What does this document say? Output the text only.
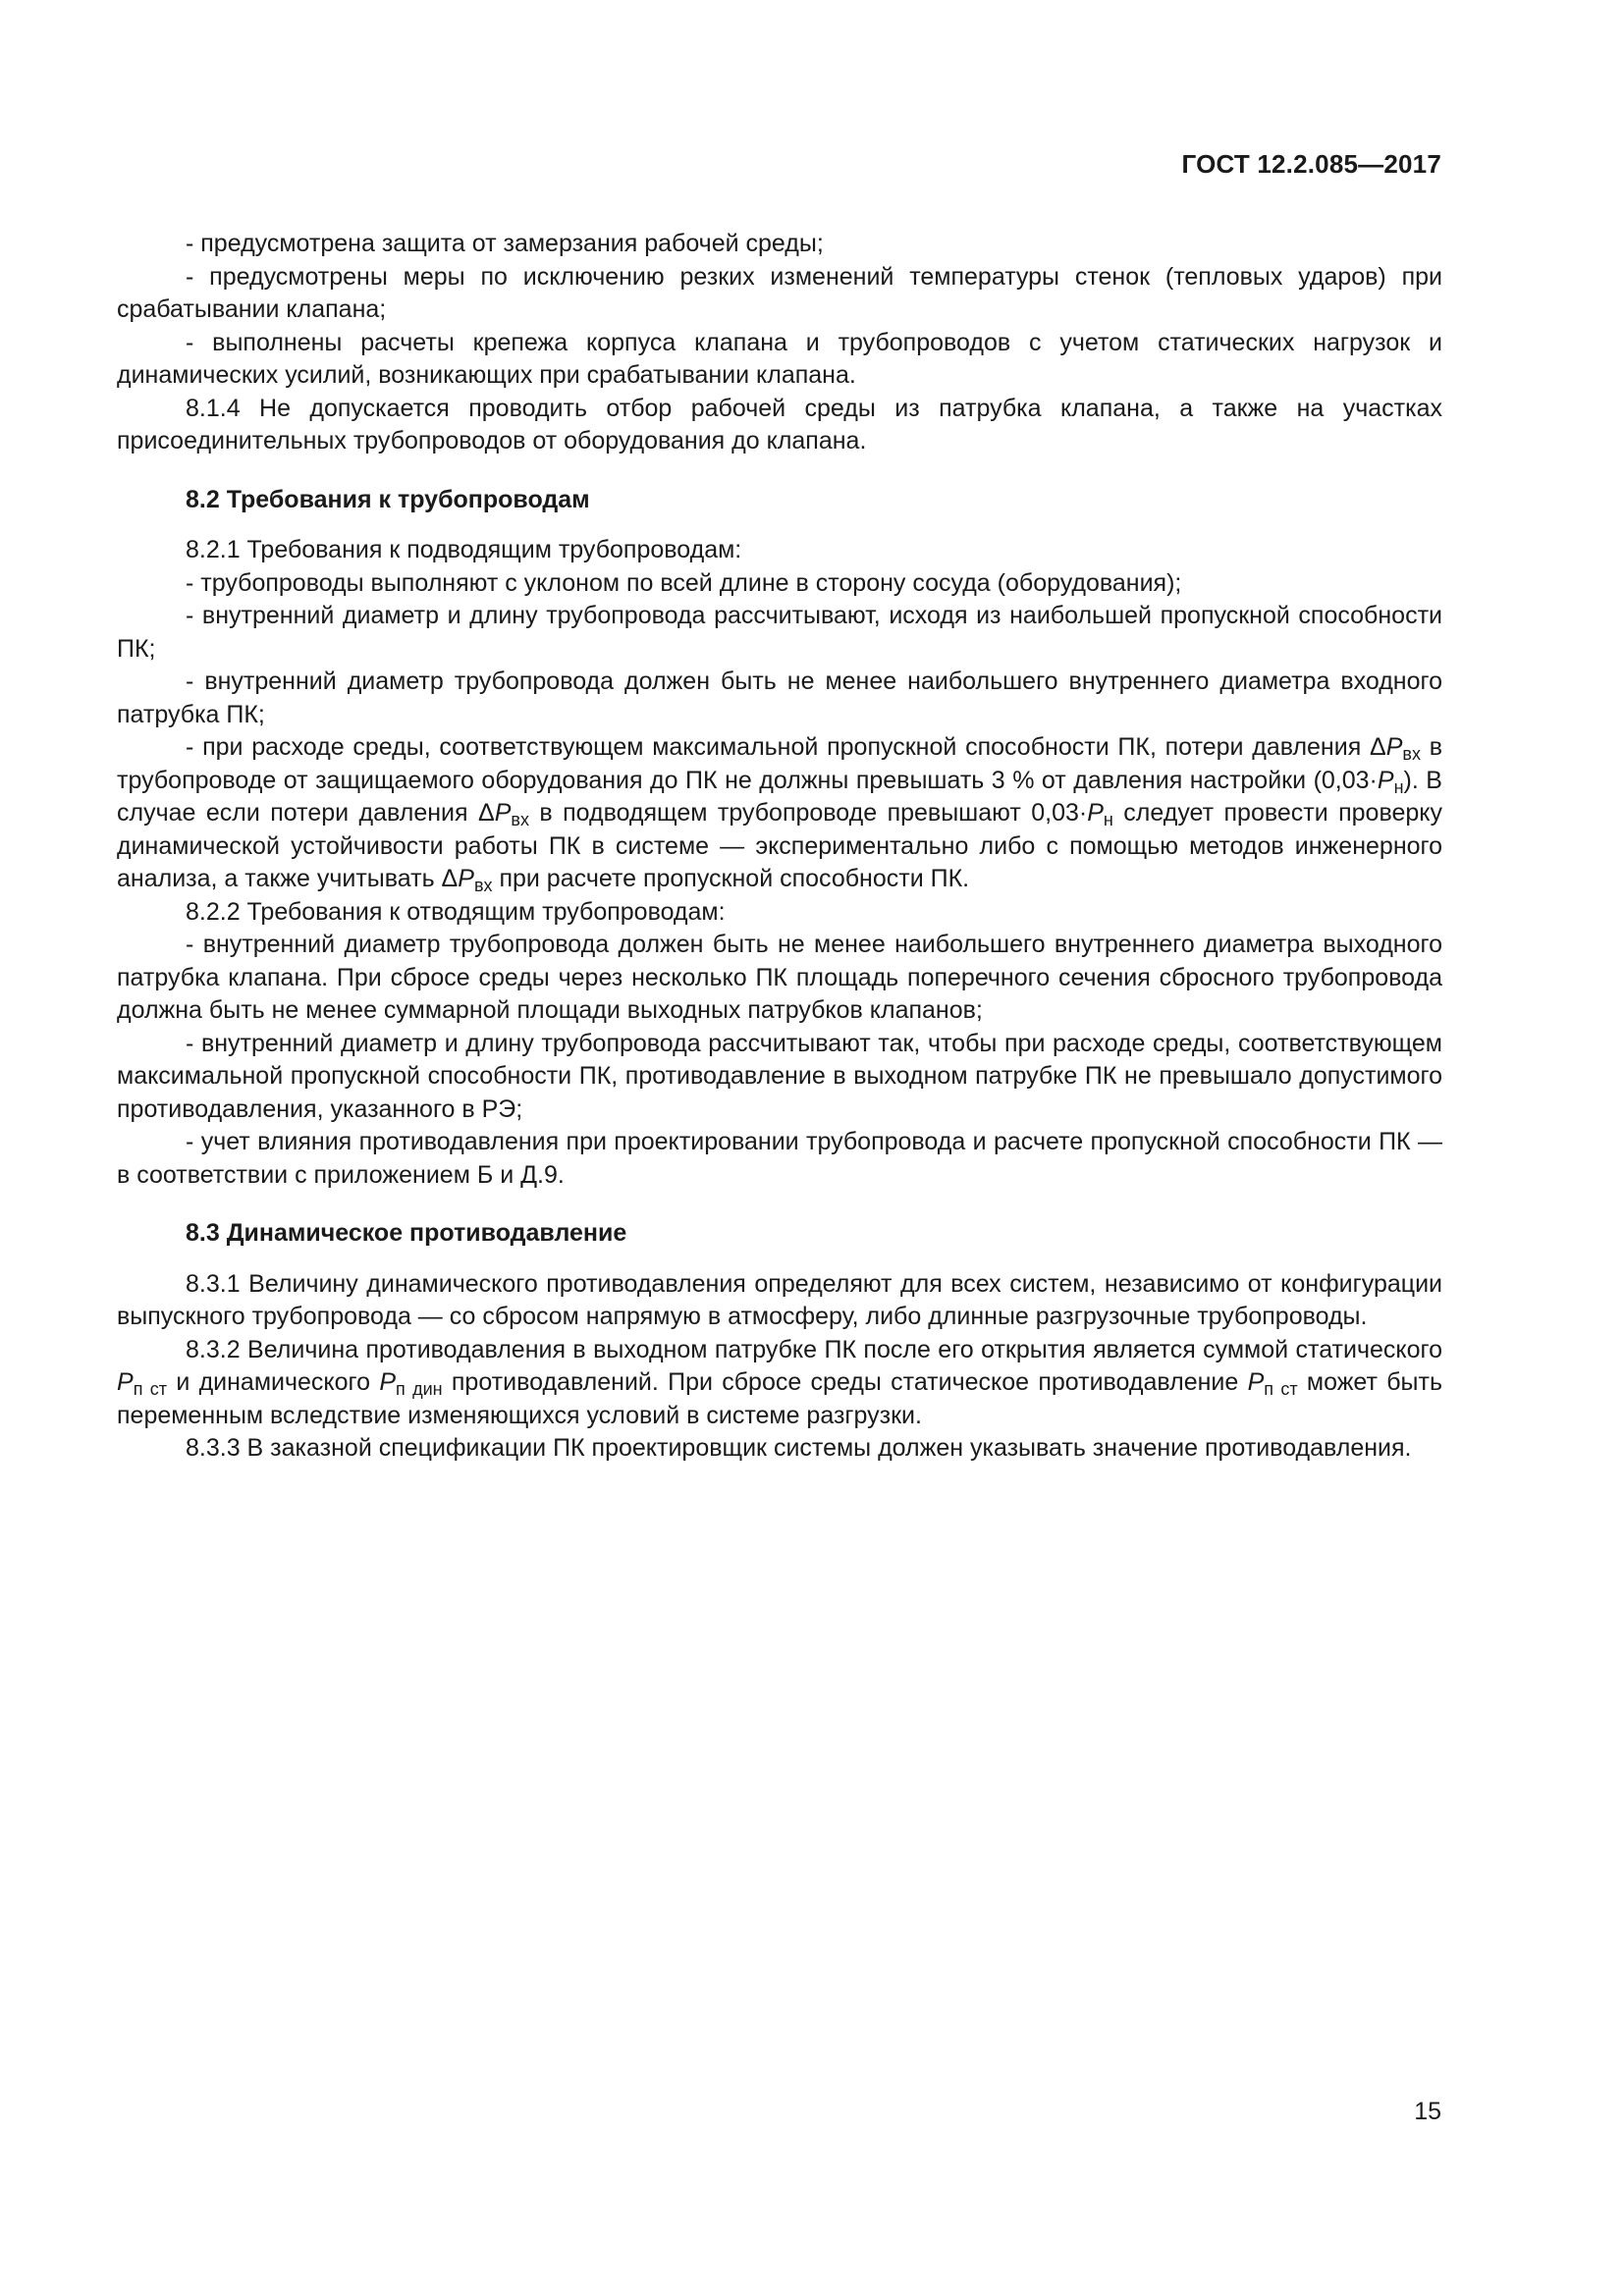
ГОСТ 12.2.085—2017

- предусмотрена защита от замерзания рабочей среды;

- предусмотрены меры по исключению резких изменений температуры стенок (тепловых ударов) при срабатывании клапана;

- выполнены расчеты крепежа корпуса клапана и трубопроводов с учетом статических нагрузок и динамических усилий, возникающих при срабатывании клапана.

8.1.4 Не допускается проводить отбор рабочей среды из патрубка клапана, а также на участках присоединительных трубопроводов от оборудования до клапана.

8.2 Требования к трубопроводам

8.2.1 Требования к подводящим трубопроводам:

- трубопроводы выполняют с уклоном по всей длине в сторону сосуда (оборудования);

- внутренний диаметр и длину трубопровода рассчитывают, исходя из наибольшей пропускной способности ПК;

- внутренний диаметр трубопровода должен быть не менее наибольшего внутреннего диаметра входного патрубка ПК;

- при расходе среды, соответствующем максимальной пропускной способности ПК, потери давления $\Delta P_{вх}$ в трубопроводе от защищаемого оборудования до ПК не должны превышать 3 % от давления настройки $(0,03\cdot P_н)$. В случае если потери давления $\Delta P_{вх}$ в подводящем трубопроводе превышают $0,03\cdot P_н$ следует провести проверку динамической устойчивости работы ПК в системе — экспериментально либо с помощью методов инженерного анализа, а также учитывать $\Delta P_{вх}$ при расчете пропускной способности ПК.

8.2.2 Требования к отводящим трубопроводам:

- внутренний диаметр трубопровода должен быть не менее наибольшего внутреннего диаметра выходного патрубка клапана. При сбросе среды через несколько ПК площадь поперечного сечения сбросного трубопровода должна быть не менее суммарной площади выходных патрубков клапанов;

- внутренний диаметр и длину трубопровода рассчитывают так, чтобы при расходе среды, соответствующем максимальной пропускной способности ПК, противодавление в выходном патрубке ПК не превышало допустимого противодавления, указанного в РЭ;

- учет влияния противодавления при проектировании трубопровода и расчете пропускной способности ПК — в соответствии с приложением Б и Д.9.

8.3 Динамическое противодавление

8.3.1 Величину динамического противодавления определяют для всех систем, независимо от конфигурации выпускного трубопровода — со сбросом напрямую в атмосферу, либо длинные разгрузочные трубопроводы.

8.3.2 Величина противодавления в выходном патрубке ПК после его открытия является суммой статического $P_{п ст}$ и динамического $P_{п дин}$ противодавлений. При сбросе среды статическое противодавление $P_{п ст}$ может быть переменным вследствие изменяющихся условий в системе разгрузки.

8.3.3 В заказной спецификации ПК проектировщик системы должен указывать значение противодавления.

15
